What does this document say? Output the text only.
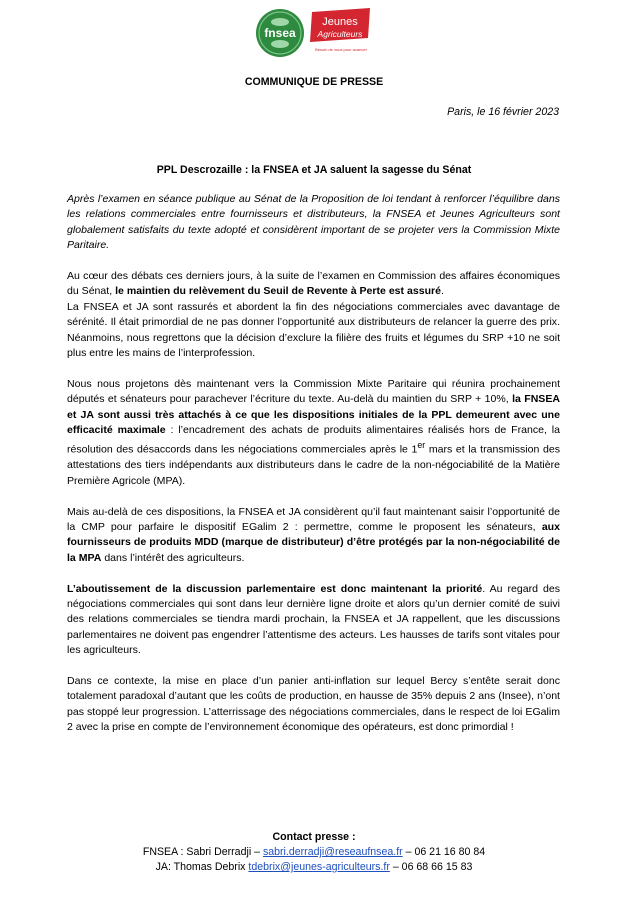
fnsea
Jeunes
Agriculteurs
Besoin de vous pour avancer
COMMUNIQUE DE PRESSE
Paris, le 16 février 2023
PPL Descrozaille : la FNSEA et JA saluent la sagesse du Sénat

Après l’examen en séance publique au Sénat de la Proposition de loi tendant à renforcer l’équilibre dans les relations commerciales entre fournisseurs et distributeurs, la FNSEA et Jeunes Agriculteurs sont globalement satisfaits du texte adopté et considèrent important de se projeter vers la Commission Mixte Paritaire.

Au cœur des débats ces derniers jours, à la suite de l’examen en Commission des affaires économiques du Sénat, le maintien du relèvement du Seuil de Revente à Perte est assuré.

La FNSEA et JA sont rassurés et abordent la fin des négociations commerciales avec davantage de sérénité. Il était primordial de ne pas donner l’opportunité aux distributeurs de relancer la guerre des prix. Néanmoins, nous regrettons que la décision d’exclure la filière des fruits et légumes du SRP +10 ne soit plus entre les mains de l’interprofession.

Nous nous projetons dès maintenant vers la Commission Mixte Paritaire qui réunira prochainement députés et sénateurs pour parachever l’écriture du texte. Au-delà du maintien du SRP + 10%, la FNSEA et JA sont aussi très attachés à ce que les dispositions initiales de la PPL demeurent avec une efficacité maximale : l’encadrement des achats de produits alimentaires réalisés hors de France, la résolution des désaccords dans les négociations commerciales après le 1er mars et la transmission des attestations des tiers indépendants aux distributeurs dans le cadre de la non-négociabilité de la Matière Première Agricole (MPA).

Mais au-delà de ces dispositions, la FNSEA et JA considèrent qu’il faut maintenant saisir l’opportunité de la CMP pour parfaire le dispositif EGalim 2 : permettre, comme le proposent les sénateurs, aux fournisseurs de produits MDD (marque de distributeur) d’être protégés par la non-négociabilité de la MPA dans l’intérêt des agriculteurs.

L’aboutissement de la discussion parlementaire est donc maintenant la priorité. Au regard des négociations commerciales qui sont dans leur dernière ligne droite et alors qu’un dernier comité de suivi des relations commerciales se tiendra mardi prochain, la FNSEA et JA rappellent, que les discussions parlementaires ne doivent pas engendrer l’attentisme des acteurs. Les hausses de tarifs sont vitales pour les agriculteurs.

Dans ce contexte, la mise en place d’un panier anti-inflation sur lequel Bercy s’entête serait donc totalement paradoxal d’autant que les coûts de production, en hausse de 35% depuis 2 ans (Insee), n’ont pas stoppé leur progression. L’atterrissage des négociations commerciales, dans le respect de loi EGalim 2 avec la prise en compte de l’environnement économique des opérateurs, est donc primordial !

Contact presse :
FNSEA : Sabri Derradji – sabri.derradji@reseaufnsea.fr – 06 21 16 80 84
JA: Thomas Debrix tdebrix@jeunes-agriculteurs.fr – 06 68 66 15 83
